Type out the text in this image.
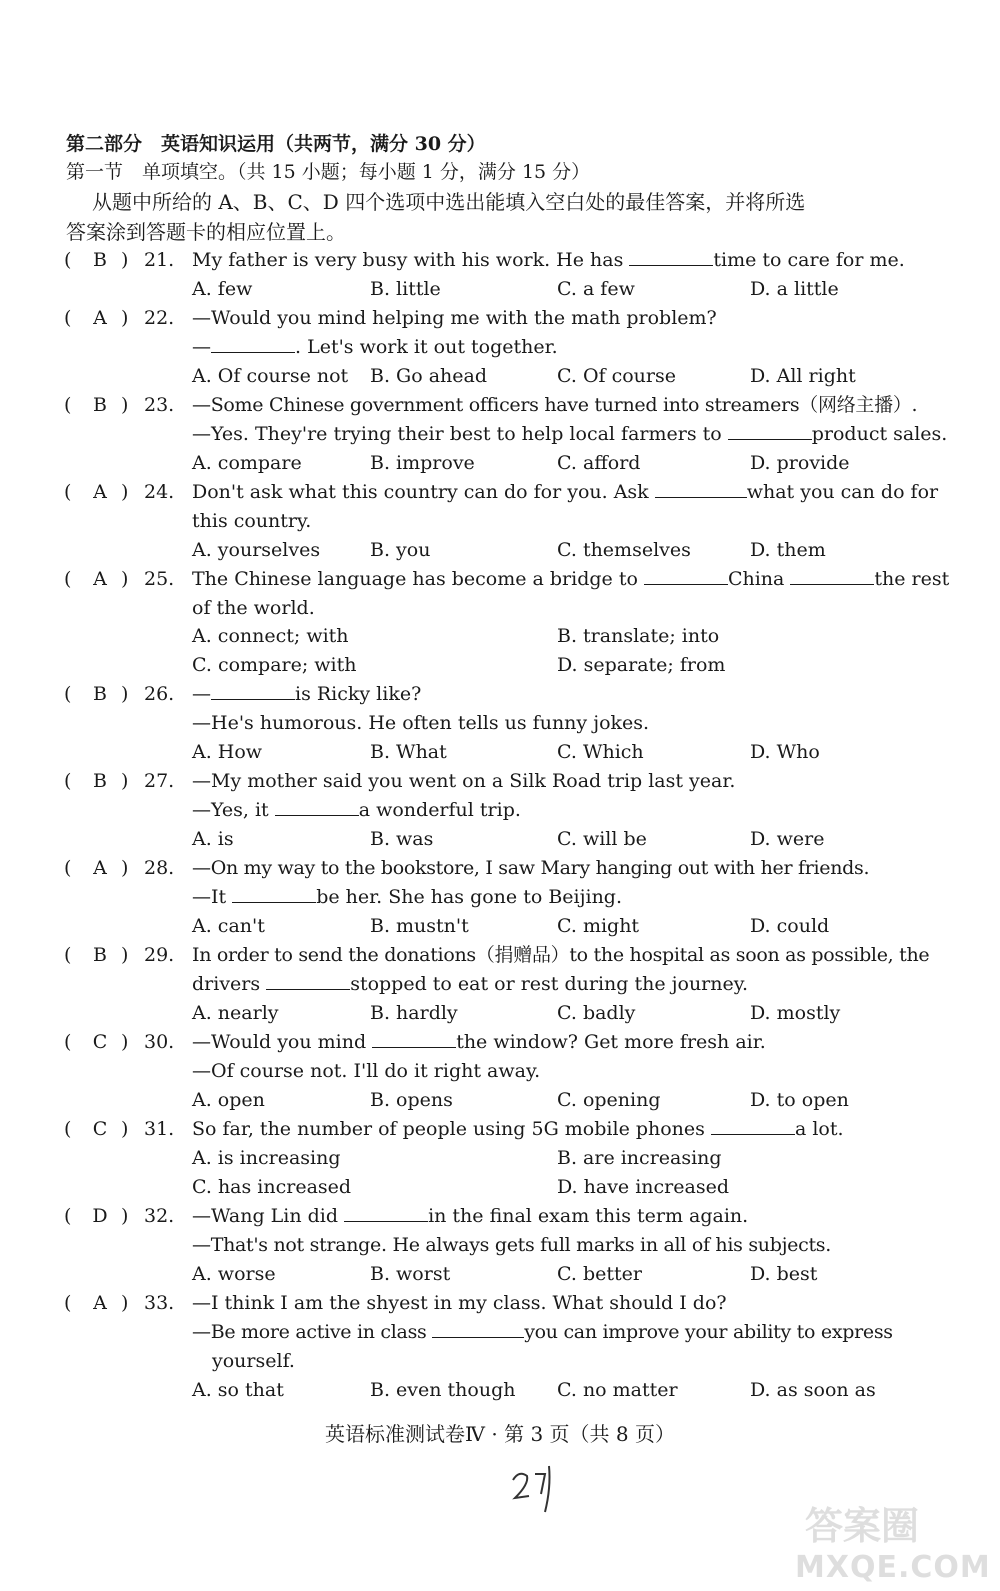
第二部分　英语知识运用（共两节，满分 30 分）
第一节　单项填空。（共 15 小题；每小题 1 分，满分 15 分）
从题中所给的 A、B、C、D 四个选项中选出能填入空白处的最佳答案，并将所选
答案涂到答题卡的相应位置上。
( B ) 21. My father is very busy with his work. He has	time to care for me.
A. few	B. little	C. a few	D. a little
( A ) 22. —Would you mind helping me with the math problem?
—	. Let's work it out together.
A. Of course not B. Go ahead	C. Of course	D. All right
( B ) 23. —Some Chinese government officers have turned into streamers（网络主播）.
—Yes. They're trying their best to help local farmers to	product sales.
A. compare	B. improve	C. afford	D. provide
( A ) 24. Don't ask what this country can do for you. Ask	what you can do for
this country.
A. yourselves	B. you	C. themselves	D. them
( A ) 25. The Chinese language has become a bridge to	China	the rest
of the world.
A. connect; with	B. translate; into
C. compare; with	D. separate; from
( B ) 26. —	is Ricky like?
—He's humorous. He often tells us funny jokes.
A. How	B. What	C. Which	D. Who
( B ) 27. —My mother said you went on a Silk Road trip last year.
—Yes, it	a wonderful trip.
A. is	B. was	C. will be	D. were
( A ) 28. —On my way to the bookstore, I saw Mary hanging out with her friends.
—It	be her. She has gone to Beijing.
A. can't	B. mustn't	C. might	D. could
( B ) 29. In order to send the donations（捐赠品）to the hospital as soon as possible, the
drivers	stopped to eat or rest during the journey.
A. nearly	B. hardly	C. badly	D. mostly
( C ) 30. —Would you mind	the window? Get more fresh air.
—Of course not. I'll do it right away.
A. open	B. opens	C. opening	D. to open
( C ) 31. So far, the number of people using 5G mobile phones	a lot.
A. is increasing	B. are increasing
C. has increased	D. have increased
( D ) 32. —Wang Lin did	in the final exam this term again.
—That's not strange. He always gets full marks in all of his subjects.
A. worse	B. worst	C. better	D. best
( A ) 33. —I think I am the shyest in my class. What should I do?
—Be more active in class	you can improve your ability to express
yourself.
A. so that	B. even though C. no matter	D. as soon as
英语标准测试卷Ⅳ · 第 3 页（共 8 页）
答案圈
MXQE.COM
